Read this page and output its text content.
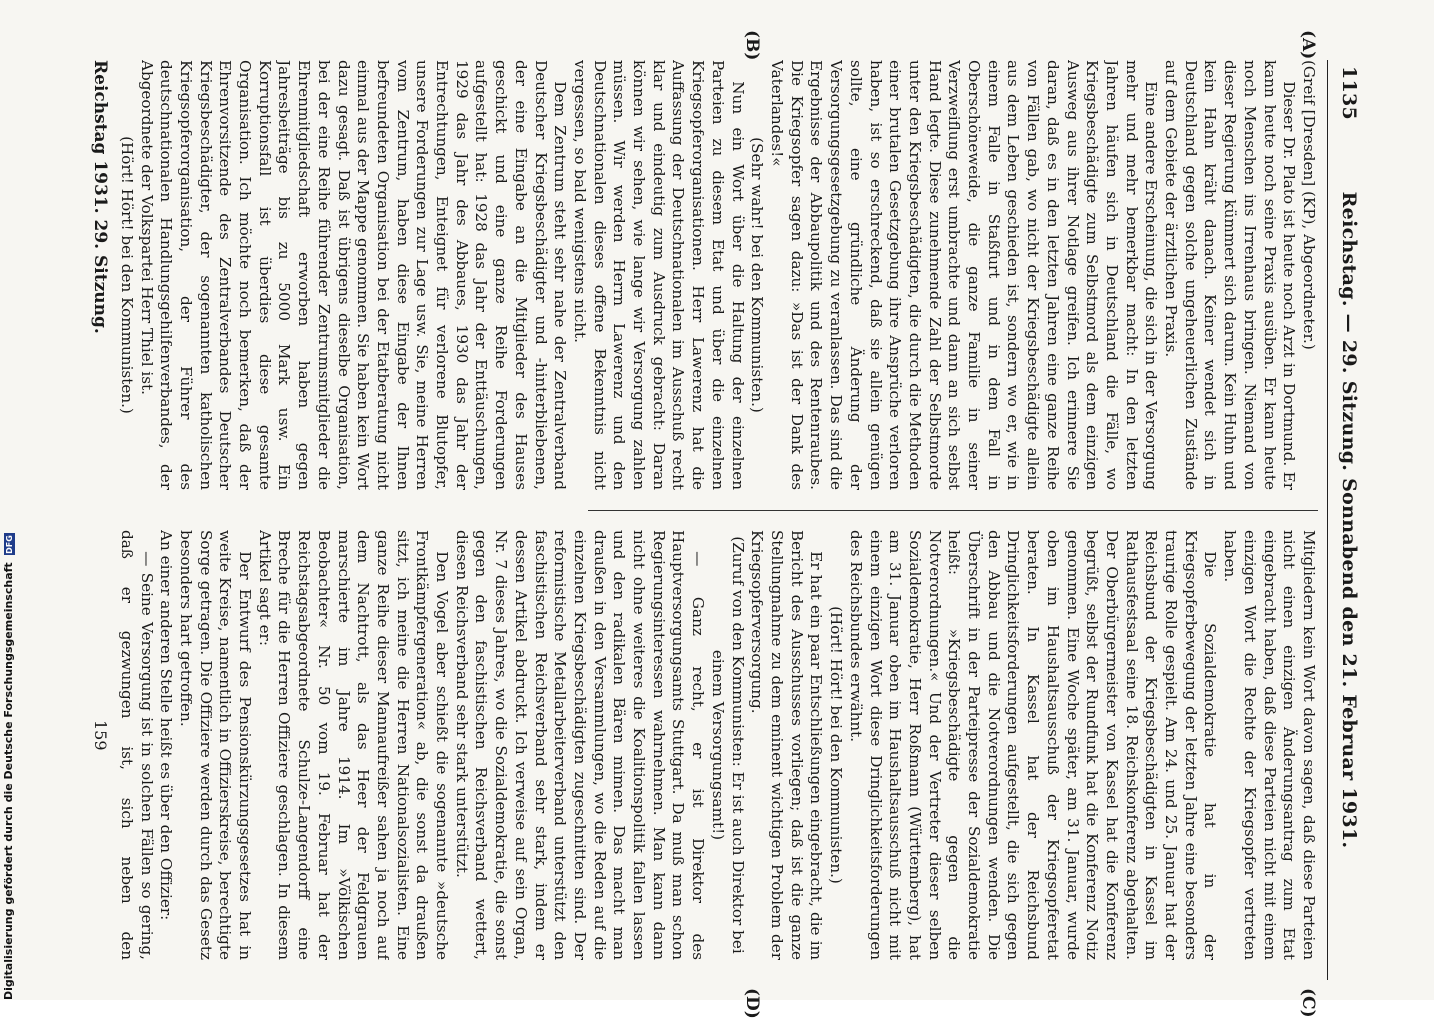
1135
Reichstag. — 29. Sitzung. Sonnabend den 21. Februar 1931.
(A)
(B)
(C)
(D)

(Greif [Dresden] (KP), Abgeordneter.)

Dieser Dr. Plato ist heute noch Arzt in Dortmund. Er kann heute noch seine Praxis ausüben. Er kann heute noch Menschen ins Irrenhaus bringen. Niemand von dieser Regierung kümmert sich darum. Kein Huhn und kein Hahn kräht danach. Keiner wendet sich in Deutschland gegen solche ungeheuerlichen Zustände auf dem Gebiete der ärztlichen Praxis.

Eine andere Erscheinung, die sich in der Versorgung mehr und mehr bemerkbar macht: In den letzten Jahren häufen sich in Deutschland die Fälle, wo Kriegsbeschädigte zum Selbstmord als dem einzigen Ausweg aus ihrer Notlage greifen. Ich erinnere Sie daran, daß es in den letzten Jahren eine ganze Reihe von Fällen gab, wo nicht der Kriegsbeschädigte allein aus dem Leben geschieden ist, sondern wo er, wie in einem Falle in Staßfurt und in dem Fall in Oberschöneweide, die ganze Familie in seiner Verzweiflung erst umbrachte und dann an sich selbst Hand legte. Diese zunehmende Zahl der Selbstmorde unter den Kriegsbeschädigten, die durch die Methoden einer brutalen Gesetzgebung ihre Ansprüche verloren haben, ist so erschreckend, daß sie allein genügen sollte, eine gründliche Änderung der Versorgungsgesetzgebung zu veranlassen. Das sind die Ergebnisse der Abbaupolitik und des Rentenraubes. Die Kriegsopfer sagen dazu: »Das ist der Dank des Vaterlandes!«

(Sehr wahr! bei den Kommunisten.)

Nun ein Wort über die Haltung der einzelnen Parteien zu diesem Etat und über die einzelnen Kriegsopferorganisationen. Herr Lawerenz hat die Auffassung der Deutschnationalen im Ausschuß recht klar und eindeutig zum Ausdruck gebracht: Daran können wir sehen, wie lange wir Versorgung zahlen müssen. Wir werden Herrn Lawerenz und den Deutschnationalen dieses offene Bekenntnis nicht vergessen, so bald wenigstens nicht.

Dem Zentrum steht sehr nahe der Zentralverband Deutscher Kriegsbeschädigter und -hinterbliebenen, der eine Eingabe an die Mitglieder des Hauses geschickt und eine ganze Reihe Forderungen aufgestellt hat: 1928 das Jahr der Enttäuschungen, 1929 das Jahr des Abbaues, 1930 das Jahr der Entrechtungen, Enteignet für verlorene Blutopfer, unsere Forderungen zur Lage usw. Sie, meine Herren vom Zentrum, haben diese Eingabe der Ihnen befreundeten Organisation bei der Etatberatung nicht einmal aus der Mappe genommen. Sie haben kein Wort dazu gesagt. Daß ist übrigens dieselbe Organisation, bei der eine Reihe führender Zentrumsmitglieder die Ehrenmitgliedschaft erworben haben gegen Jahresbeiträge bis zu 5000 Mark usw. Ein Korruptionsfall ist überdies diese gesamte Organisation. Ich möchte noch bemerken, daß der Ehrenvorsitzende des Zentralverbandes Deutscher Kriegsbeschädigter, der sogenannten katholischen Kriegsopferorganisation, der Führer des deutschnationalen Handlungsgehilfenverbandes, der Abgeordnete der Volkspartei Herr Thiel ist.

(Hört! Hört! bei den Kommunisten.)

Mitgliedern kein Wort davon sagen, daß diese Parteien nicht einen einzigen Änderungsantrag zum Etat eingebracht haben, daß diese Parteien nicht mit einem einzigen Wort die Rechte der Kriegsopfer vertreten haben.

Die Sozialdemokratie hat in der Kriegsopferbewegung der letzten Jahre eine besonders traurige Rolle gespielt. Am 24. und 25. Januar hat der Reichsbund der Kriegsbeschädigten in Kassel im Rathausfestsaal seine 18. Reichskonferenz abgehalten. Der Oberbürgermeister von Kassel hat die Konferenz begrüßt, selbst der Rundfunk hat die Konferenz Notiz genommen. Eine Woche später, am 31. Januar, wurde oben im Haushaltsausschuß der Kriegsopferetat beraten. In Kassel hat der Reichsbund Dringlichkeitsforderungen aufgestellt, die sich gegen den Abbau und die Notverordnungen wenden. Die Überschrift in der Parteipresse der Sozialdemokratie heißt: »Kriegsbeschädigte gegen die Notverordnungen.« Und der Vertreter dieser selben Sozialdemokratie, Herr Roßmann (Württemberg), hat am 31. Januar oben im Haushaltsausschuß nicht mit einem einzigen Wort diese Dringlichkeitsforderungen des Reichsbundes erwähnt.

(Hört! Hört! bei den Kommunisten.)

Er hat ein paar Entschließungen eingebracht, die im Bericht des Ausschusses vorliegen; daß ist die ganze Stellungnahme zu dem eminent wichtigen Problem der Kriegsopferversorgung.

(Zuruf von den Kommunisten: Er ist auch Direktor bei einem Versorgungsamt!)

— Ganz recht, er ist Direktor des Hauptversorgungsamts Stuttgart. Da muß man schon Regierungsinteressen wahrnehmen. Man kann dann nicht ohne weiteres die Koalitionspolitik fallen lassen und den radikalen Bären mimen. Das macht man draußen in den Versammlungen, wo die Reden auf die einzelnen Kriegsbeschädigten zugeschnitten sind. Der reformistische Metallarbeiterverband unterstützt den faschistischen Reichsverband sehr stark, indem er dessen Artikel abdruckt. Ich verweise auf sein Organ, Nr. 7 dieses Jahres, wo die Sozialdemokratie, die sonst gegen den faschistischen Reichsverband wettert, diesen Reichsverband sehr stark unterstützt.

Den Vogel aber schießt die sogenannte »deutsche Frontkämpfergeneration« ab, die sonst da draußen sitzt, ich meine die Herren Nationalsozialisten. Eine ganze Reihe dieser Mannaufreißer sahen ja noch auf dem Nachtrott, als das Heer der Feldgrauen marschierte im Jahre 1914. Im »Völkischen Beobachter« Nr. 50 vom 19. Februar hat der Reichstagsabgeordnete Schulze-Langendorff eine Breche für die Herren Offiziere geschlagen. In diesem Artikel sagt er:

Der Entwurf des Pensionskürzungsgesetzes hat in weite Kreise, namentlich in Offizierskreise, berechtigte Sorge getragen. Die Offiziere werden durch das Gesetz besonders hart getroffen.

An einer anderen Stelle heißt es über den Offizier:

— Seine Versorgung ist in solchen Fällen so gering, daß er gezwungen ist, sich neben den

Reichstag 1931. 29. Sitzung.
159
Digitalisierung gefördert durch die Deutsche Forschungsgemeinschaft DFG
